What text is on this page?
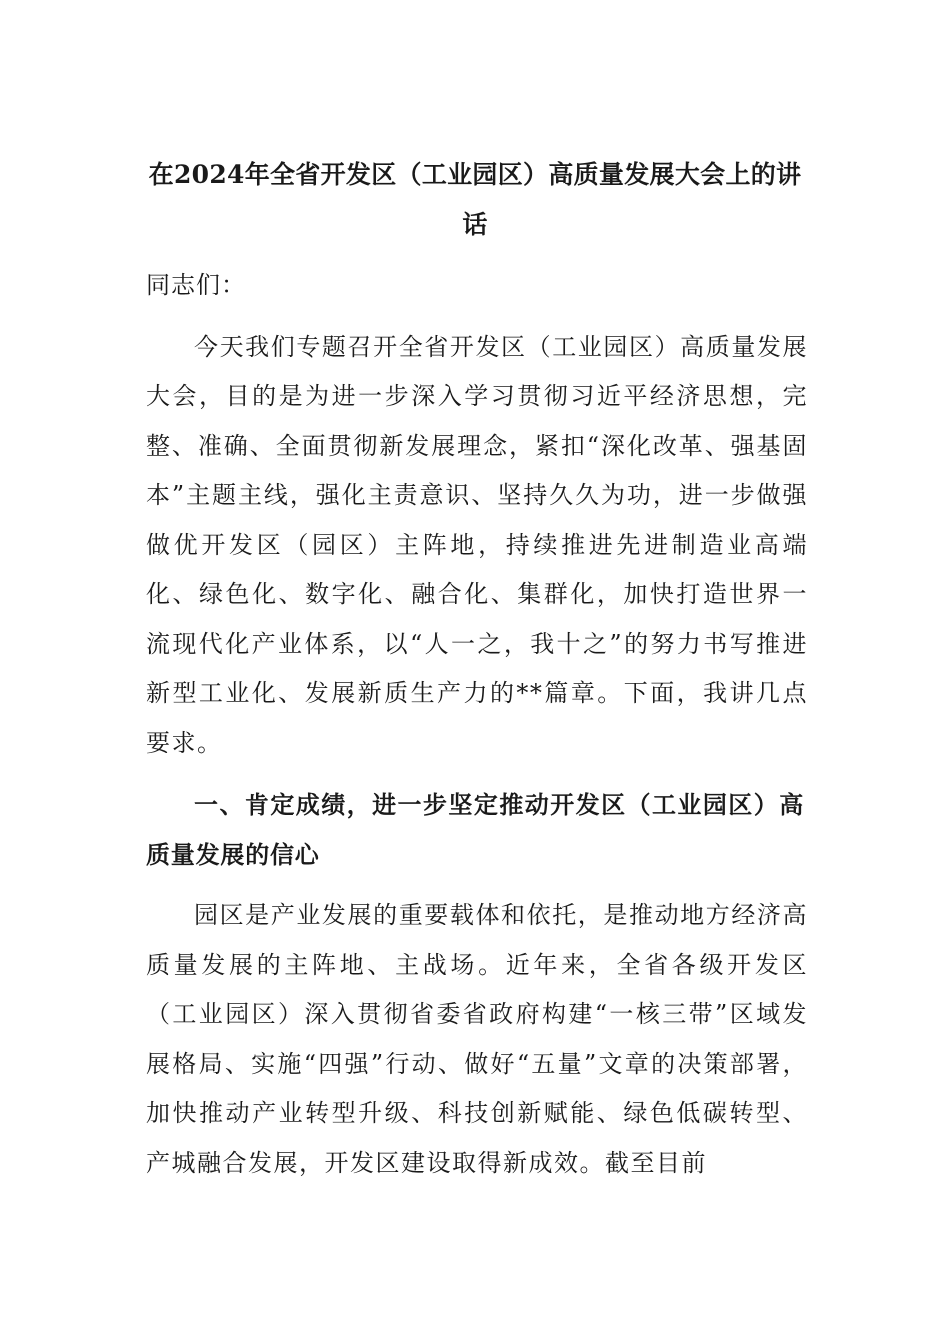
在2024年全省开发区（工业园区）高质量发展大会上的讲话
同志们：
今天我们专题召开全省开发区（工业园区）高质量发展大会，目的是为进一步深入学习贯彻习近平经济思想，完整、准确、全面贯彻新发展理念，紧扣“深化改革、强基固本”主题主线，强化主责意识、坚持久久为功，进一步做强做优开发区（园区）主阵地，持续推进先进制造业高端化、绿色化、数字化、融合化、集群化，加快打造世界一流现代化产业体系，以“人一之，我十之”的努力书写推进新型工业化、发展新质生产力的**篇章。下面，我讲几点要求。
一、肯定成绩，进一步坚定推动开发区（工业园区）高质量发展的信心
园区是产业发展的重要载体和依托，是推动地方经济高质量发展的主阵地、主战场。近年来，全省各级开发区（工业园区）深入贯彻省委省政府构建“一核三带”区域发展格局、实施“四强”行动、做好“五量”文章的决策部署，加快推动产业转型升级、科技创新赋能、绿色低碳转型、产城融合发展，开发区建设取得新成效。截至目前
